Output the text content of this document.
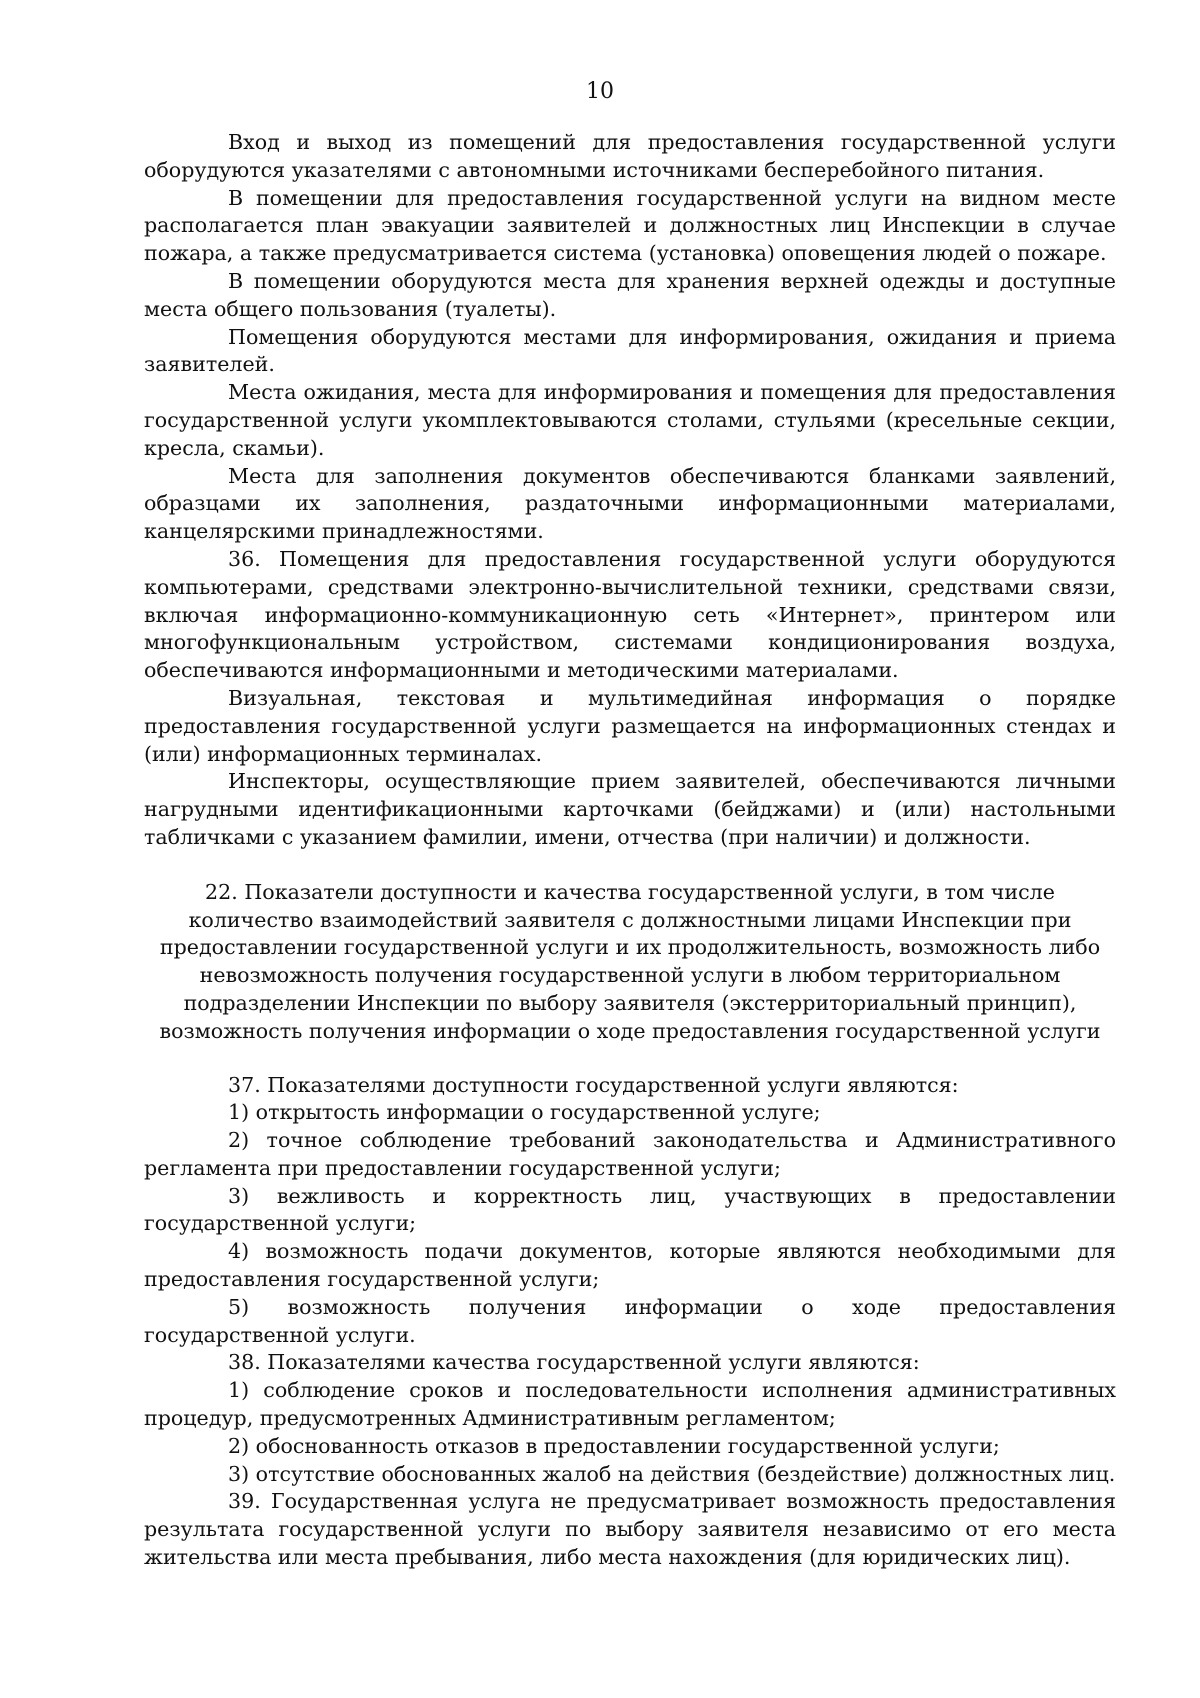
10

Вход и выход из помещений для предоставления государственной услуги оборудуются указателями с автономными источниками бесперебойного питания.

В помещении для предоставления государственной услуги на видном месте располагается план эвакуации заявителей и должностных лиц Инспекции в случае пожара, а также предусматривается система (установка) оповещения людей о пожаре.

В помещении оборудуются места для хранения верхней одежды и доступные места общего пользования (туалеты).

Помещения оборудуются местами для информирования, ожидания и приема заявителей.

Места ожидания, места для информирования и помещения для предоставления государственной услуги укомплектовываются столами, стульями (кресельные секции, кресла, скамьи).

Места для заполнения документов обеспечиваются бланками заявлений, образцами их заполнения, раздаточными информационными материалами, канцелярскими принадлежностями.

36. Помещения для предоставления государственной услуги оборудуются компьютерами, средствами электронно-вычислительной техники, средствами связи, включая информационно-коммуникационную сеть «Интернет», принтером или многофункциональным устройством, системами кондиционирования воздуха, обеспечиваются информационными и методическими материалами.

Визуальная, текстовая и мультимедийная информация о порядке предоставления государственной услуги размещается на информационных стендах и (или) информационных терминалах.

Инспекторы, осуществляющие прием заявителей, обеспечиваются личными нагрудными идентификационными карточками (бейджами) и (или) настольными табличками с указанием фамилии, имени, отчества (при наличии) и должности.

22. Показатели доступности и качества государственной услуги, в том числе количество взаимодействий заявителя с должностными лицами Инспекции при предоставлении государственной услуги и их продолжительность, возможность либо невозможность получения государственной услуги в любом территориальном подразделении Инспекции по выбору заявителя (экстерриториальный принцип), возможность получения информации о ходе предоставления государственной услуги

37. Показателями доступности государственной услуги являются:

1) открытость информации о государственной услуге;

2) точное соблюдение требований законодательства и Административного регламента при предоставлении государственной услуги;

3) вежливость и корректность лиц, участвующих в предоставлении государственной услуги;

4) возможность подачи документов, которые являются необходимыми для предоставления государственной услуги;

5) возможность получения информации о ходе предоставления государственной услуги.

38. Показателями качества государственной услуги являются:

1) соблюдение сроков и последовательности исполнения административных процедур, предусмотренных Административным регламентом;

2) обоснованность отказов в предоставлении государственной услуги;

3) отсутствие обоснованных жалоб на действия (бездействие) должностных лиц.

39. Государственная услуга не предусматривает возможность предоставления результата государственной услуги по выбору заявителя независимо от его места жительства или места пребывания, либо места нахождения (для юридических лиц).
